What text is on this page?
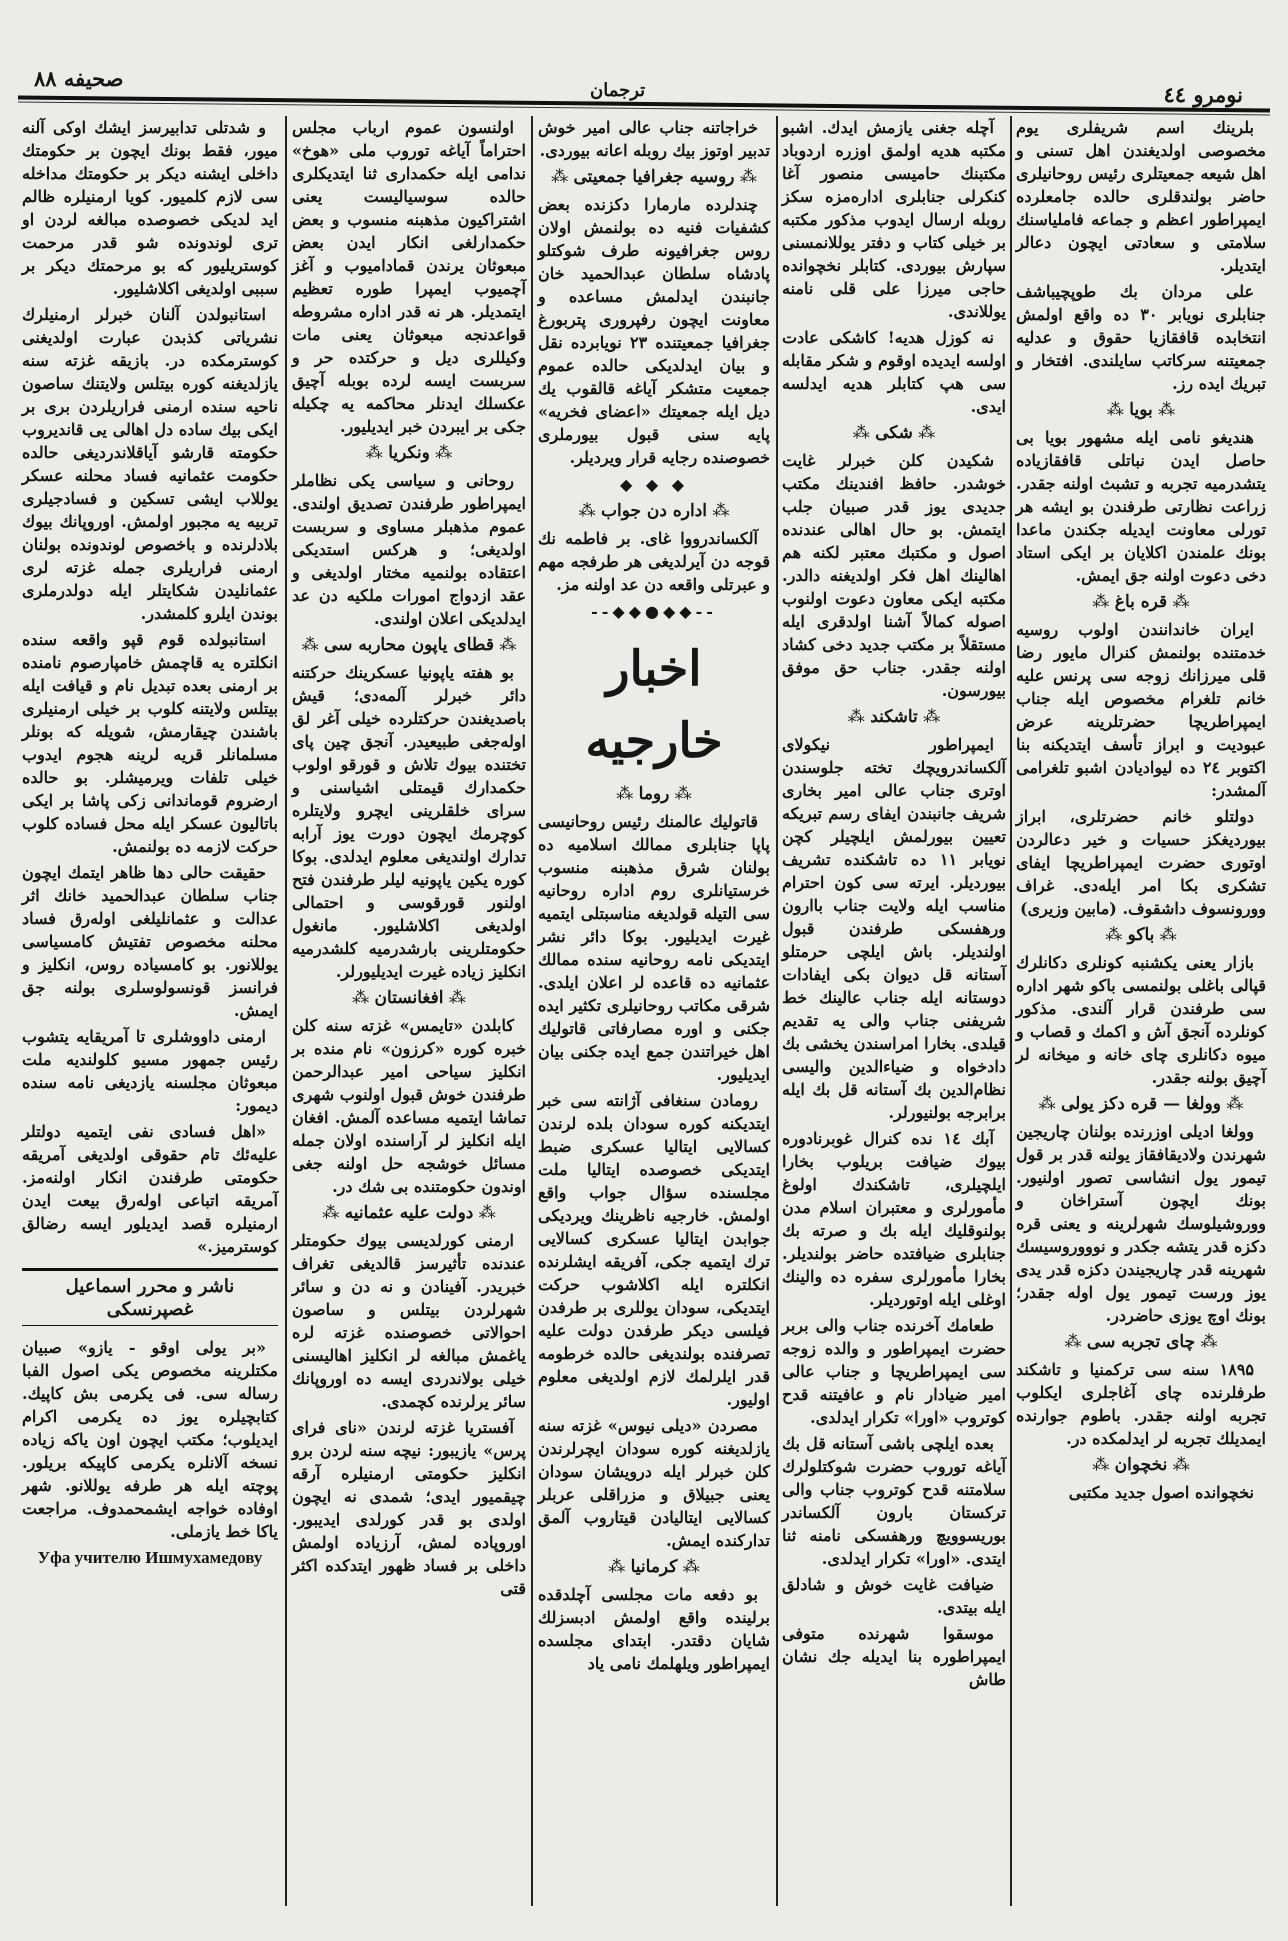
صحیفه ۸۸	ترجمان	نومرو ٤٤

و شدتلی تدابیرسز ایشك اوکی آلنه میور، فقط بونك ایچون بر حکومتك داخلی ایشنه دیکر بر حکومتك مداخله سی لازم کلمیور. کویا ارمنیلره ظالم اید لدیکی خصوصده مبالغه لردن او تری لوندونده شو قدر مرحمت کوستریلیور که بو مرحمتك دیکر بر سببی اولدیغی اکلاشلیور.

استانبولدن آلنان خبرلر ارمنیلرك نشریاتی کذبدن عبارت اولدیغنی کوسترمکده در. بازیقه غزته سنه یازلدیغنه کوره بیتلس ولایتنك ساصون ناحیه سنده ارمنی فراریلردن بری بر ایکی بیك ساده دل اهالی یی قاندیروب حکومته قارشو آیاقلاندردیغی حالده حکومت عثمانیه فساد محلنه عسکر یوللاب ایشی تسکین و فسادجیلری تربیه یه مجبور اولمش. اوروپانك بیوك بلادلرنده و باخصوص لوندونده بولنان ارمنی فراریلری جمله غزته لری عثمانلیدن شکایتلر ایله دولدرملری بوندن ایلرو کلمشدر.

استانبولده قوم قپو واقعه سنده انکلتره یه قاچمش خامپارصوم نامنده بر ارمنی بعده تبدیل نام و قیافت ایله بیتلس ولایتنه کلوب بر خیلی ارمنیلری باشندن چیقارمش، شویله که بونلر مسلمانلر قریه لرینه هجوم ایدوب خیلی تلفات ویرمیشلر. بو حالده ارضروم قوماندانی زکی پاشا بر ایکی باتالیون عسکر ایله محل فساده کلوب حرکت لازمه ده بولنمش.

حقیقت حالی دها ظاهر ایتمك ایچون جناب سلطان عبدالحمید خانك اثر عدالت و عثمانلیلغی اولەرق فساد محلنه مخصوص تفتیش کامسیاسی یوللانور. بو کامسیاده روس، انکلیز و فرانسز قونسولوسلری بولنه جق ایمش.

ارمنی داووشلری تا آمریقایه یتشوب رئیس جمهور مسیو کلولندیه ملت مبعوثان مجلسنه یازدیغی نامه سنده دیمور:

«اهل فسادی نفی ایتمیه دولتلر علیه‌ئك تام حقوقی اولدیغی آمریقه حکومتی طرفندن انکار اولنه‌مز. آمریقه اتباعی اولەرق بیعت ایدن ارمنیلره قصد ایدیلور ایسه رضالق کوسترمیز.»

ناشر و محرر اسماعیل غصپرنسکی

«بر یولی اوقو - یازو» صبیان مکتلرینه مخصوص یکی اصول الفبا رساله سی. فی یکرمی بش کاپیك. کتابچیلره یوز ده یکرمی اکرام ایدیلوب؛ مکتب ایچون اون یاکه زیاده نسخه آلانلره یکرمی کاپیکه بریلور. پوچته ایله هر طرفه یوللانو. شهر اوفاده خواجه ایشمحمدوف. مراجعت یاکا خط یازملی.

Уфа учителю Ишмухамедову

اولنسون عموم ارباب مجلس احتراماً آیاغه توروب ملی «هوخ» ندامی ایله حکمداری ثنا ایتدیکلری حالده سوسیالیست یعنی اشتراکیون مذهبنه منسوب و بعض حکمدارلغی انکار ایدن بعض مبعوثان یرندن قمادامیوب و آغز آچمیوب ایمپرا طوره تعظیم ایتمدیلر. هر نه قدر اداره مشروطه قواعدنجه مبعوثان یعنی مات وکیللری دیل و حرکتده حر و سربست ایسه لرده بوبله آچیق عکسلك ایدنلر محاکمه یه چکیله جکی بر ایبردن خبر ایدیلیور.

⁂ ونکریا ⁂

روحانی و سیاسی یکی نظاملر ایمپراطور طرفندن تصدیق اولندی. عموم مذهبلر مساوی و سربست اولدیغی؛ و هرکس استدیکی اعتقاده بولنمیه مختار اولدیغی و عقد ازدواج امورات ملکیه دن عد ایدلدیکی اعلان اولندی.

⁂ قطای یاپون محاربه سی ⁂

بو هفته یاپونیا عسکرینك حرکتنه دائر خبرلر آلمەدی؛ قیش باصدیغندن حرکتلرده خیلی آغر لق اولەجغی طبیعیدر. آنجق چین پای تختنده بیوك تلاش و قورقو اولوب حکمدارك قیمتلی اشیاسنی و سرای خلقلرینی ایچرو ولایتلره کوچرمك ایچون دورت یوز آرابه تدارك اولندیغی معلوم ایدلدی. بوکا کوره یکین یاپونیه لیلر طرفندن فتح اولنور قورقوسی و احتمالی اولدیغی اکلاشلیور. مانغول حکومتلرینی بارشدرمیه کلشدرمیه انکلیز زیاده غیرت ایدیلیورلر.

⁂ افغانستان ⁂

کابلدن «تایمس» غزته سنه کلن خبره کوره «کرزون» نام منده بر انکلیز سیاحی امیر عبدالرحمن طرفندن خوش قبول اولنوب شهری تماشا ایتمیه مساعده آلمش. افغان ایله انکلیز لر آراسنده اولان جمله مسائل خوشجه حل اولنه جغی اوندون حکومتنده بی شك در.

⁂ دولت علیه عثمانیه ⁂

ارمنی کورلدیسی بیوك حکومتلر عندنده تأثیرسز قالدیغی تغراف خبریدر. آفینادن و نه دن و سائر شهرلردن بیتلس و ساصون احوالاتی خصوصنده غزته لره یاغمش مبالغه لر انکلیز اهالیسنی خیلی بولاندردی ایسه ده اوروپانك سائر یرلرنده کچمدی.

آفستریا غزته لرندن «نای فرای پرس» یازیبور: نیچه سنه لردن برو انکلیز حکومتی ارمنیلره آرقه چیقمیور ایدی؛ شمدی نه ایچون اولدی بو قدر کورلدی ایدیبور. اوروپاده لمش، آرزیاده اولمش داخلی بر فساد ظهور ایتدکده اکثر قتی

خراجاتنه جناب عالی امیر خوش تدبیر اوتوز بیك روبله اعانه بیوردی.

⁂ روسیه جغرافیا جمعیتی ⁂

چندلرده مارمارا دکزنده بعض کشفیات فنیه ده بولنمش اولان روس جغرافیونه طرف شوکتلو پادشاه سلطان عبدالحمید خان جانبندن ایدلمش مساعده و معاونت ایچون رفپروری پتربورغ جغرافیا جمعیتنده ۲۳ نویابرده نقل و بیان ایدلدیکی حالده عموم جمعیت متشکر آیاغه قالقوب یك دیل ایله جمعیتك «اعضای فخریه» پایه سنی قبول بیورملری خصوصنده رجایه قرار ویردیلر.

◆ ◆ ◆
⁂ اداره دن جواب ⁂

آلکساندرووا غای. بر فاطمه نك قوجه دن آیرلدیغی هر طرفجه مهم و عبرتلی واقعه دن عد اولنه مز.

--◆◆●◆◆--
اخبار خارجیه
⁂ روما ⁂

قاتولیك عالمنك رئیس روحانیسی پاپا جنابلری ممالك اسلامیه ده بولنان شرق مذهبنه منسوب خرستیانلری روم اداره روحانیه سی التیله قولدیغه مناسبتلی ایتمیه غیرت ایدیلیور. بوکا دائر نشر ایتدیکی نامه روحانیه سنده ممالك عثمانیه ده قاعده لر اعلان ایلدی. شرقی مکاتب روحانیلری تکثیر ایده جکنی و اوره مصارفاتی قاتولیك اهل خیراتندن جمع ایده جکنی بیان ایدیلیور.

رومادن سنغافی آژانته سی خبر ایتدیکنه کوره سودان بلده لرندن کسالایی ایتالیا عسکری ضبط ایتدیکی خصوصده ایتالیا ملت مجلسنده سؤال جواب واقع اولمش. خارجیه ناظرینك ویردیکی جوابدن ایتالیا عسکری کسالایی ترك ایتمیه جکی، آفریقه ایشلرنده انکلتره ایله اکلاشوب حرکت ایتدیکی، سودان یوللری بر طرفدن فیلسی دیکر طرفدن دولت علیه تصرفنده بولندیغی حالده خرطومه قدر ایلرلمك لازم اولدیغی معلوم اولیور.

مصردن «دیلی نیوس» غزته سنه یازلدیغنه کوره سودان ایچرلرندن کلن خبرلر ایله درویشان سودان یعنی جبیلاق و مزراقلی عربلر کسالایی ایتالیادن قیتاروب آلمق تدارکنده ایمش.

⁂ کرمانیا ⁂

بو دفعه مات مجلسی آچلدقده برلینده واقع اولمش ادبسزلك شایان دقتدر. ابتدای مجلسده ایمپراطور ویلهلمك نامی یاد

آچله جغنی یازمش ایدك. اشبو مکتبه هدیه اولمق اوزره اردوباد مکتبنك حامیسی منصور آغا کنکرلی جنابلری ادارەمزه سکز روبله ارسال ایدوب مذکور مکتبه بر خیلی کتاب و دفتر یوللانمسنی سپارش بیوردی. کتابلر نخچوانده حاجی میرزا علی قلی نامنه یوللاندی.

نه کوزل هدیه! کاشکی عادت اولسه ایدیده اوقوم و شکر مقابله سی هپ کتابلر هدیه ایدلسه ایدی.

⁂ شکی ⁂

شکیدن کلن خبرلر غایت خوشدر. حافظ افندینك مکتب جدیدی یوز قدر صبیان جلب ایتمش. بو حال اهالی عندنده اصول و مکتبك معتبر لکنه هم اهالینك اهل فکر اولدیغنه دالدر. مکتبه ایکی معاون دعوت اولنوب اصوله کمالاً آشنا اولدقری ایله مستقلاً بر مکتب جدید دخی کشاد اولنه جقدر. جناب حق موفق بیورسون.

⁂ تاشکند ⁂

ایمپراطور نیکولای آلکساندرویچك تخته جلوسندن اوتری جناب عالی امیر بخاری شریف جانبندن ایفای رسم تبریکه تعیین بیورلمش ایلچیلر کچن نویابر ۱۱ ده تاشکنده تشریف بیوردیلر. ایرته سی کون احترام مناسب ایله ولایت جناب باارون ورهفسکی طرفندن قبول اولندیلر. باش ایلچی حرمتلو آستانه قل دیوان بکی ایفادات دوستانه ایله جناب عالینك خط شریفنی جناب والی یه تقدیم قیلدی. بخارا امراسندن یخشی بك دادخواه و ضیاءالدین والیسی نظام‌الدین بك آستانه قل بك ایله برابرجه بولنیورلر.

آبك ۱٤ نده کنرال غوبرنادوره بیوك ضیافت بریلوب بخارا ایلچیلری، تاشکندك اولوغ مأمورلری و معتبران اسلام مدن بولنوقلیك ایله بك و صرته بك جنابلری ضیافتده حاضر بولندیلر. بخارا مأمورلری سفره ده والینك اوغلی ایله اوتوردیلر.

طعامك آخرنده جناب والی بربر حضرت ایمپراطور و والده زوجه سی ایمپراطریچا و جناب عالی امیر ضیادار نام و عافیتنه قدح کوتروب «اورا» تکرار ایدلدی.

بعده ایلچی باشی آستانه قل بك آیاغه توروب حضرت شوکتلولرك سلامتنه قدح کوتروب جناب والی ترکستان بارون آلکساندر بوریسوویچ ورهفسکی نامنه ثنا ایتدی. «اورا» تکرار ایدلدی.

ضیافت غایت خوش و شادلق ایله بیتدی.

موسقوا شهرنده متوفی ایمپراطوره بنا ایدیله جك نشان طاش

بلرینك اسم شریفلری یوم مخصوصی اولدیغندن اهل تسنی و اهل شیعه جمعیتلری رئیس روحانیلری حاضر بولندقلری حالده جامعلرده ایمپراطور اعظم و جماعه فاملیاسنك سلامتی و سعادتی ایچون دعالر ایتدیلر.

علی مردان بك طوپچیباشف جنابلری نویابر ۳۰ ده واقع اولمش انتخابده قافقازیا حقوق و عدلیه جمعیتنه سرکاتب سایلندی. افتخار و تبریك ایده رز.

⁂ بویا ⁂

هندیغو نامی ایله مشهور بویا بی حاصل ایدن نباتلی قافقازیاده یتشدرمیه تجربه و تشبث اولنه جقدر. زراعت نظارتی طرفندن بو ایشه هر تورلی معاونت ایدیله جکندن ماعدا بونك علمندن اکلایان بر ایکی استاد دخی دعوت اولنه جق ایمش.

⁂ قره باغ ⁂

ایران خاندانندن اولوب روسیه خدمتنده بولنمش کنرال مایور رضا قلی میرزانك زوجه سی پرنس علیه خانم تلغرام مخصوص ایله جناب ایمپراطریچا حضرتلرینه عرض عبودیت و ابراز تأسف ایتدیکنه بنا اکتوبر ۲٤ ده لیوادیادن اشبو تلغرامی آلمشدر:

دولتلو خانم حضرتلری، ابراز بیوردیغکز حسیات و خیر دعالردن اوتوری حضرت ایمپراطریچا ایفای تشکری بکا امر ایلەدی. غراف وورونسوف داشقوف. (مابین وزیری)

⁂ باکو ⁂

بازار یعنی یکشنبه کونلری دکانلرك قپالی باغلی بولنمسی باکو شهر اداره سی طرفندن قرار آلندی. مذکور کونلرده آنجق آش و اکمك و قصاب و میوه دکانلری چای خانه و میخانه لر آچیق بولنه جقدر.

⁂ وولغا — قره دکز یولی ⁂

وولغا ادیلی اوزرنده بولنان چاریجین شهرندن ولادیقافقاز یولنه قدر بر قول تیمور یول انشاسی تصور اولنیور. بونك ایچون آستراخان و ووروشیلوسك شهرلرینه و یعنی قره دکزه قدر یتشه جکدر و نوووروسیسك شهرینه قدر چاریجیندن دکزه قدر یدی یوز ورست تیمور یول اوله جقدر؛ بونك اوچ یوزی حاضردر.

⁂ چای تجربه سی ⁂

۱۸۹۵ سنه سی ترکمنیا و تاشکند طرفلرنده چای آغاجلری ایکلوب تجربه اولنه جقدر. باطوم جوارنده ایمدیلك تجربه لر ایدلمکده در.

⁂ نخچوان ⁂

نخچوانده اصول جدید مکتبی
